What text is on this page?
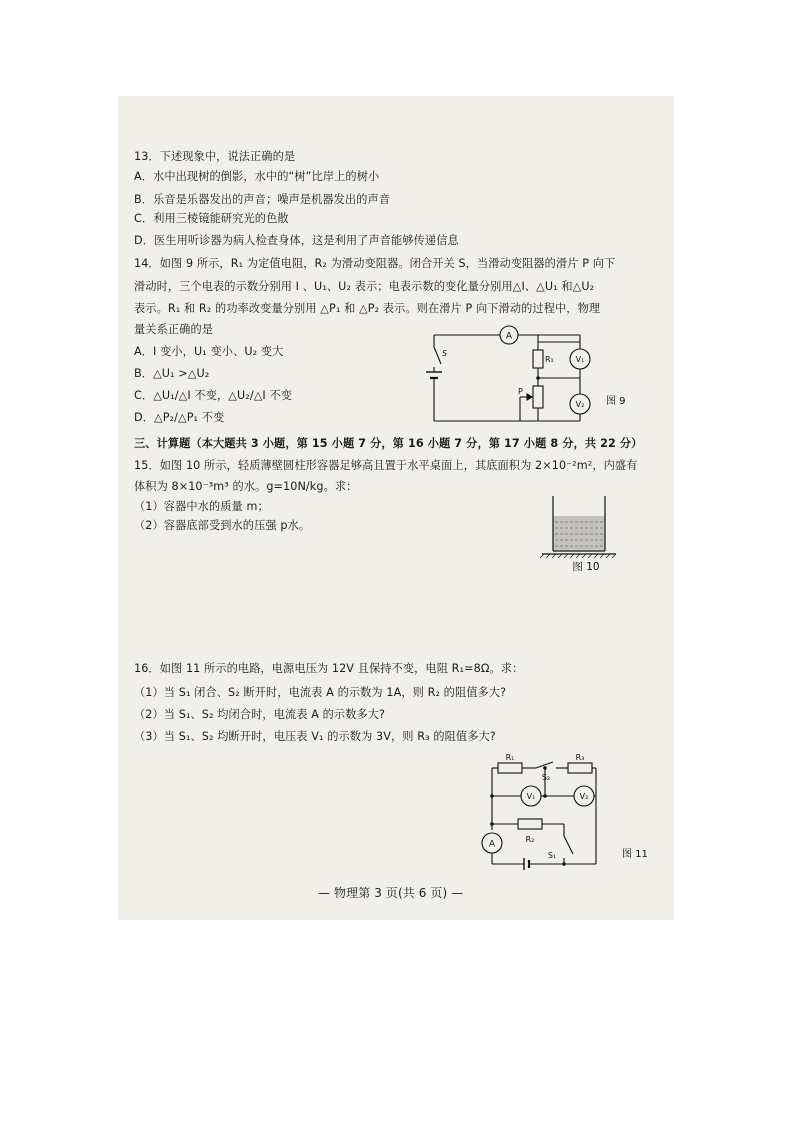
13．下述现象中，说法正确的是
A．水中出现树的倒影，水中的“树”比岸上的树小
B．乐音是乐器发出的声音；噪声是机器发出的声音
C．利用三棱镜能研究光的色散
D．医生用听诊器为病人检查身体，这是利用了声音能够传递信息
14．如图 9 所示，R₁ 为定值电阻，R₂ 为滑动变阻器。闭合开关 S，当滑动变阻器的滑片 P 向下
滑动时，三个电表的示数分别用 I 、U₁、U₂ 表示；电表示数的变化量分别用△I、△U₁ 和△U₂
表示。R₁ 和 R₂ 的功率改变量分别用 △P₁ 和 △P₂ 表示。则在滑片 P 向下滑动的过程中，物理
量关系正确的是
A．I 变小，U₁ 变小、U₂ 变大
B．△U₁ >△U₂
C．△U₁/△I 不变，△U₂/△I 不变
D．△P₂/△P₁ 不变
A
S
R₁
P
V₁
V₂ 图 9
三、计算题（本大题共 3 小题，第 15 小题 7 分，第 16 小题 7 分，第 17 小题 8 分，共 22 分）
15．如图 10 所示，轻质薄壁圆柱形容器足够高且置于水平桌面上，其底面积为 2×10⁻²m²，内盛有
体积为 8×10⁻³m³ 的水。g=10N/kg。求：
（1）容器中水的质量 m；
（2）容器底部受到水的压强 p水。
图 10
16．如图 11 所示的电路，电源电压为 12V 且保持不变，电阻 R₁=8Ω。求：
（1）当 S₁ 闭合、S₂ 断开时，电流表 A 的示数为 1A，则 R₂ 的阻值多大?
（2）当 S₁、S₂ 均闭合时，电流表 A 的示数多大?
（3）当 S₁、S₂ 均断开时，电压表 V₁ 的示数为 3V，则 R₃ 的阻值多大?
R₁	R₃
S₂
V₁	V₂
R₂
S₁
A
图 11
— 物理第 3 页(共 6 页) —
